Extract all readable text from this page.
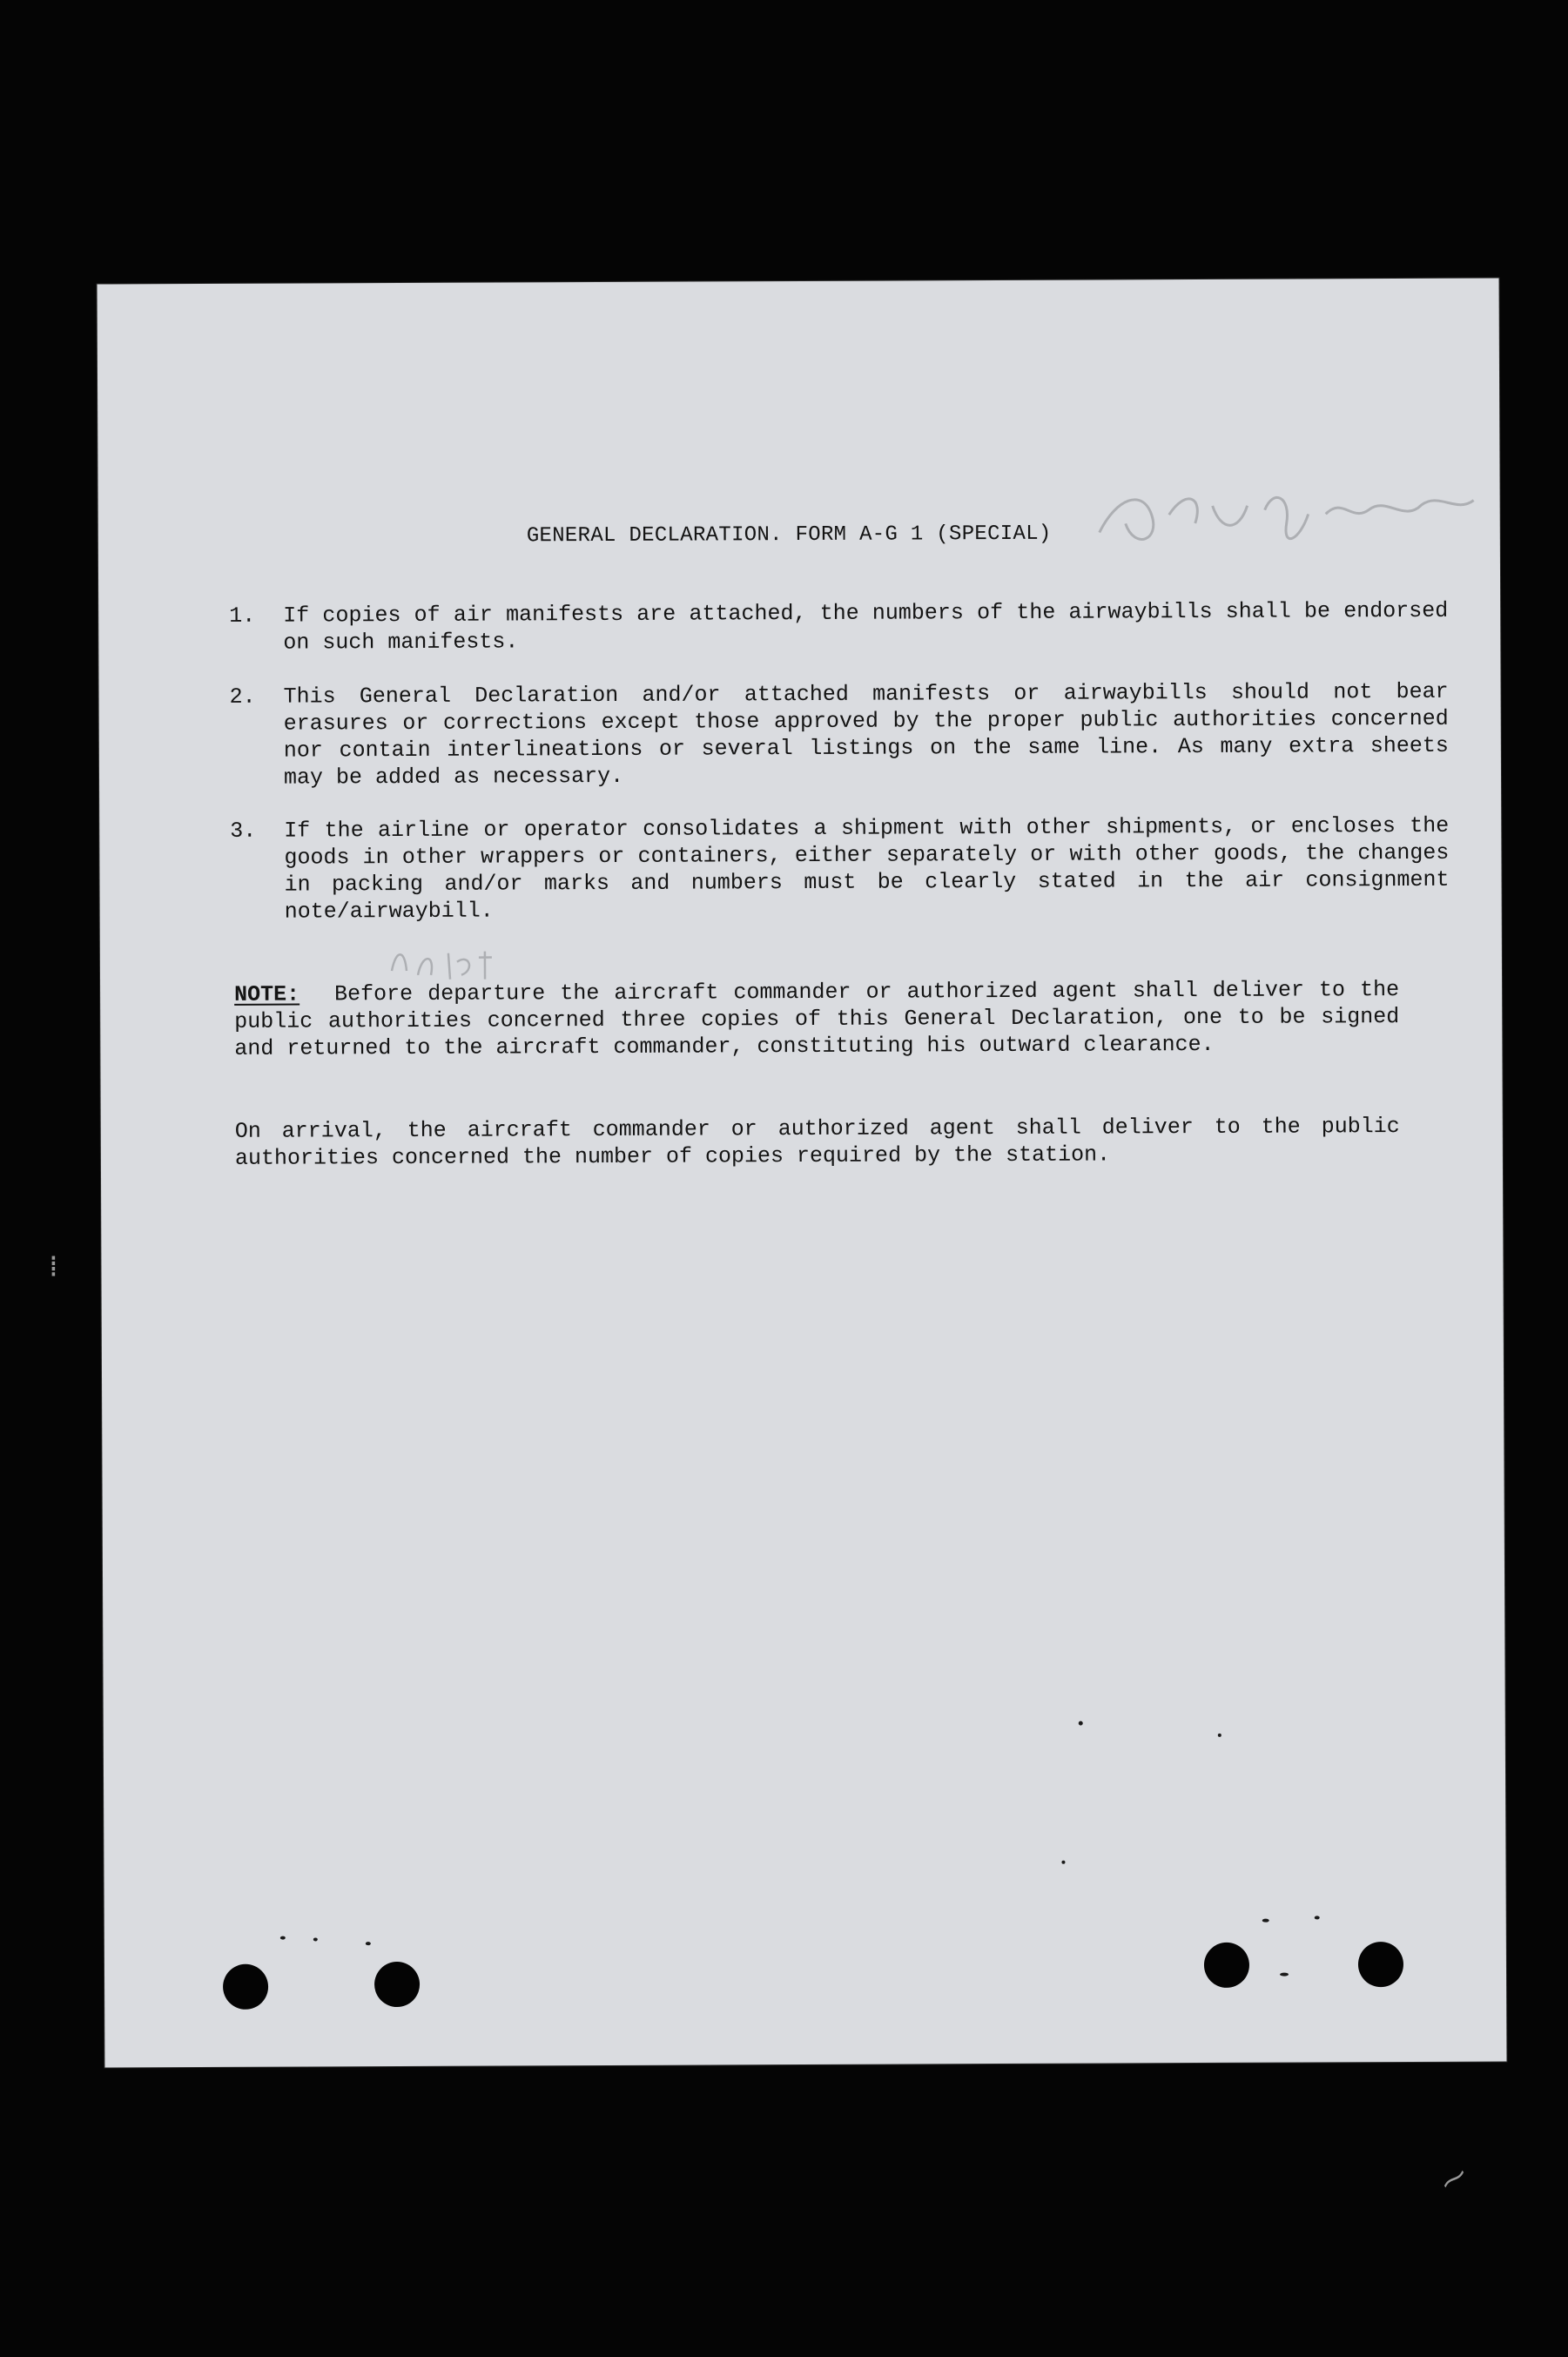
GENERAL DECLARATION. FORM A-G 1 (SPECIAL)
1.	If copies of air manifests are attached, the numbers of the airwaybills shall be endorsed on such manifests.
2.	This General Declaration and/or attached manifests or airwaybills should not bear erasures or corrections except those approved by the proper public authorities concerned nor contain interlineations or several listings on the same line. As many extra sheets may be added as necessary.
3.	If the airline or operator consolidates a shipment with other shipments, or encloses the goods in other wrappers or containers, either separately or with other goods, the changes in packing and/or marks and numbers must be clearly stated in the air consignment note/airwaybill.
NOTE: Before departure the aircraft commander or authorized agent shall deliver to the public authorities concerned three copies of this General Declaration, one to be signed and returned to the aircraft commander, constituting his outward clearance.
On arrival, the aircraft commander or authorized agent shall deliver to the public authorities concerned the number of copies required by the station.
⁞
⁓
